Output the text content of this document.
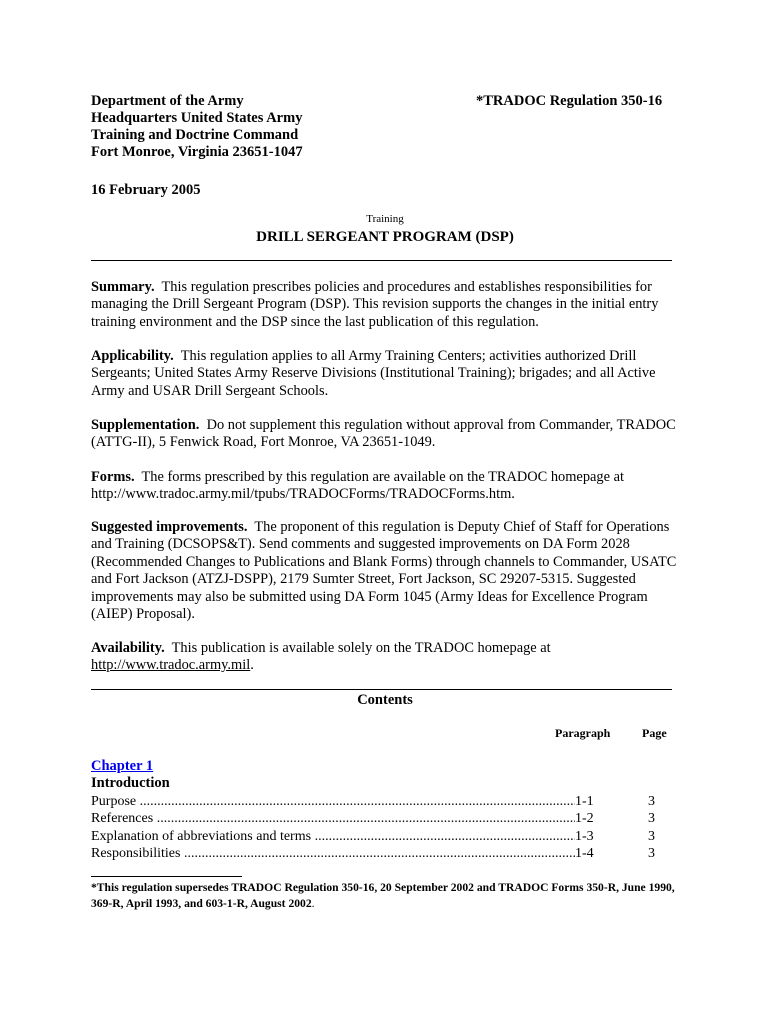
Department of the Army
Headquarters United States Army
Training and Doctrine Command
Fort Monroe, Virginia 23651-1047
*TRADOC Regulation 350-16
16 February 2005
Training
DRILL SERGEANT PROGRAM (DSP)
Summary. This regulation prescribes policies and procedures and establishes responsibilities for managing the Drill Sergeant Program (DSP). This revision supports the changes in the initial entry training environment and the DSP since the last publication of this regulation.
Applicability. This regulation applies to all Army Training Centers; activities authorized Drill Sergeants; United States Army Reserve Divisions (Institutional Training); brigades; and all Active Army and USAR Drill Sergeant Schools.
Supplementation. Do not supplement this regulation without approval from Commander, TRADOC (ATTG-II), 5 Fenwick Road, Fort Monroe, VA 23651-1049.
Forms. The forms prescribed by this regulation are available on the TRADOC homepage at http://www.tradoc.army.mil/tpubs/TRADOCForms/TRADOCForms.htm.
Suggested improvements. The proponent of this regulation is Deputy Chief of Staff for Operations and Training (DCSOPS&T). Send comments and suggested improvements on DA Form 2028 (Recommended Changes to Publications and Blank Forms) through channels to Commander, USATC and Fort Jackson (ATZJ-DSPP), 2179 Sumter Street, Fort Jackson, SC 29207-5315. Suggested improvements may also be submitted using DA Form 1045 (Army Ideas for Excellence Program (AIEP) Proposal).
Availability. This publication is available solely on the TRADOC homepage at http://www.tradoc.army.mil.
Contents
Paragraph	Page
Chapter 1
Introduction
Purpose .....	1-1	3
References .....	1-2	3
Explanation of abbreviations and terms .....	1-3	3
Responsibilities .....	1-4	3
*This regulation supersedes TRADOC Regulation 350-16, 20 September 2002 and TRADOC Forms 350-R, June 1990, 369-R, April 1993, and 603-1-R, August 2002.
